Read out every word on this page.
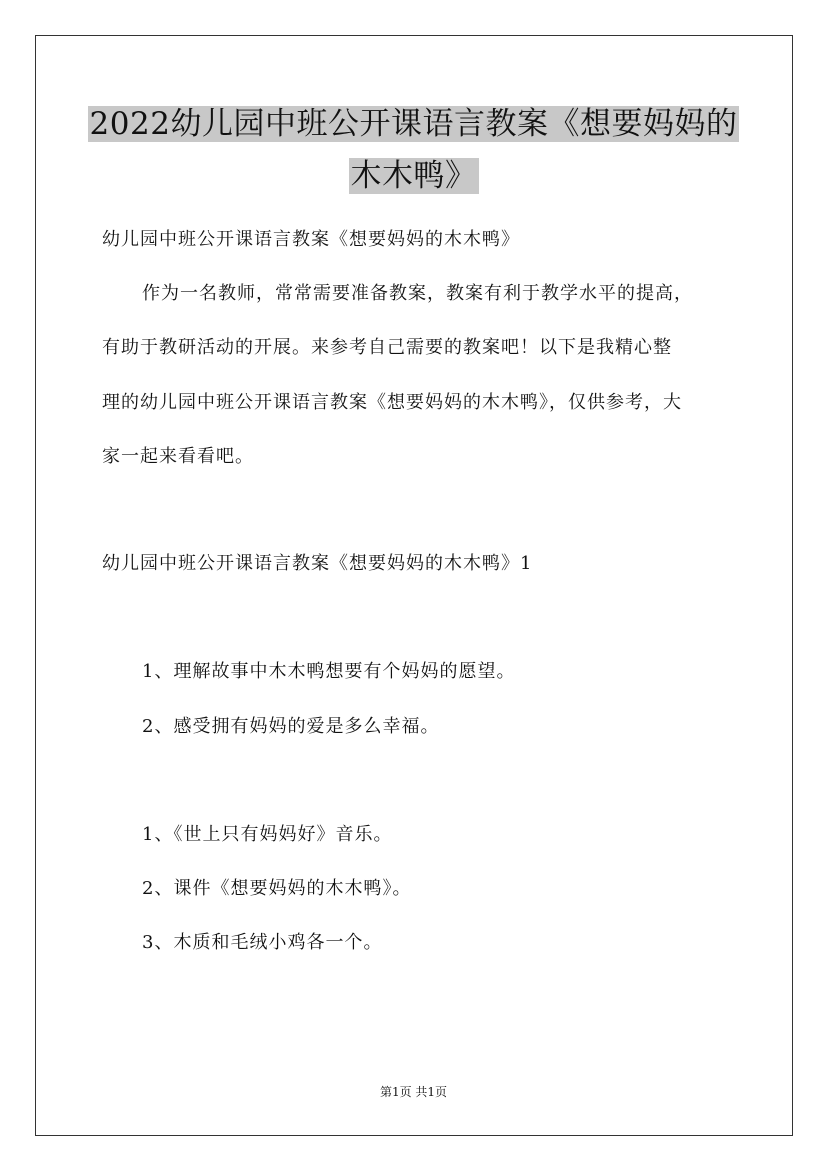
2022幼儿园中班公开课语言教案《想要妈妈的
木木鸭》
幼儿园中班公开课语言教案《想要妈妈的木木鸭》
作为一名教师，常常需要准备教案，教案有利于教学水平的提高，
有助于教研活动的开展。来参考自己需要的教案吧！以下是我精心整
理的幼儿园中班公开课语言教案《想要妈妈的木木鸭》，仅供参考，大
家一起来看看吧。
幼儿园中班公开课语言教案《想要妈妈的木木鸭》1
1、理解故事中木木鸭想要有个妈妈的愿望。
2、感受拥有妈妈的爱是多么幸福。
1、《世上只有妈妈好》音乐。
2、课件《想要妈妈的木木鸭》。
3、木质和毛绒小鸡各一个。
第1页 共1页
